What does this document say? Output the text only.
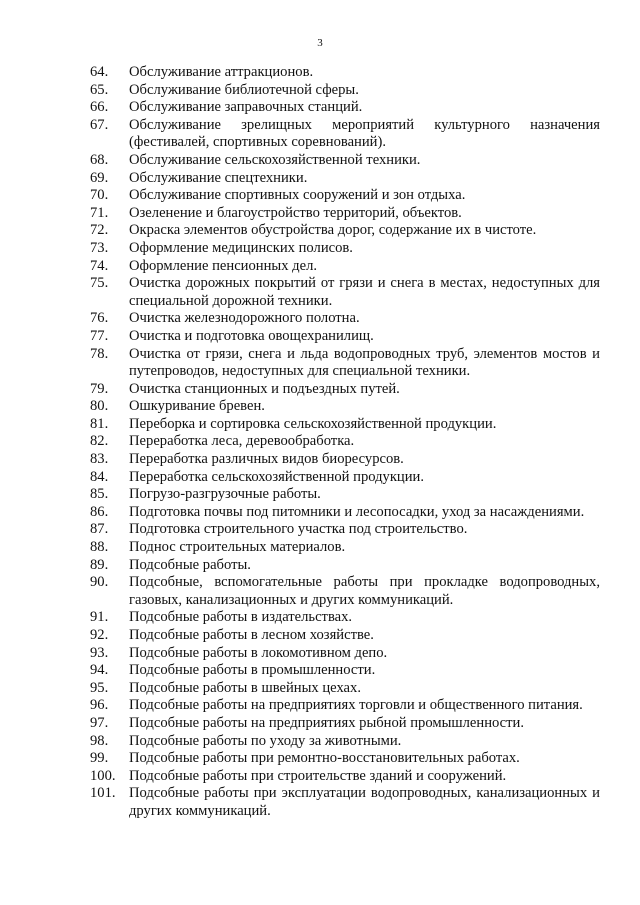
3
64.	Обслуживание аттракционов.
65.	Обслуживание библиотечной сферы.
66.	Обслуживание заправочных станций.
67.	Обслуживание зрелищных мероприятий культурного назначения (фестивалей, спортивных соревнований).
68.	Обслуживание сельскохозяйственной техники.
69.	Обслуживание спецтехники.
70.	Обслуживание спортивных сооружений и зон отдыха.
71.	Озеленение и благоустройство территорий, объектов.
72.	Окраска элементов обустройства дорог, содержание их в чистоте.
73.	Оформление медицинских полисов.
74.	Оформление пенсионных дел.
75.	Очистка дорожных покрытий от грязи и снега в местах, недоступных для специальной дорожной техники.
76.	Очистка железнодорожного полотна.
77.	Очистка и подготовка овощехранилищ.
78.	Очистка от грязи, снега и льда водопроводных труб, элементов мостов и путепроводов, недоступных для специальной техники.
79.	Очистка станционных и подъездных путей.
80.	Ошкуривание бревен.
81.	Переборка и сортировка сельскохозяйственной продукции.
82.	Переработка леса, деревообработка.
83.	Переработка различных видов биоресурсов.
84.	Переработка сельскохозяйственной продукции.
85.	Погрузо-разгрузочные работы.
86.	Подготовка почвы под питомники и лесопосадки, уход за насаждениями.
87.	Подготовка строительного участка под строительство.
88.	Поднос строительных материалов.
89.	Подсобные работы.
90.	Подсобные, вспомогательные работы при прокладке водопроводных, газовых, канализационных и других коммуникаций.
91.	Подсобные работы в издательствах.
92.	Подсобные работы в лесном хозяйстве.
93.	Подсобные работы в локомотивном депо.
94.	Подсобные работы в промышленности.
95.	Подсобные работы в швейных цехах.
96.	Подсобные работы на предприятиях торговли и общественного питания.
97.	Подсобные работы на предприятиях рыбной промышленности.
98.	Подсобные работы по уходу за животными.
99.	Подсобные работы при ремонтно-восстановительных работах.
100. Подсобные работы при строительстве зданий и сооружений.
101. Подсобные работы при эксплуатации водопроводных, канализационных и других коммуникаций.
